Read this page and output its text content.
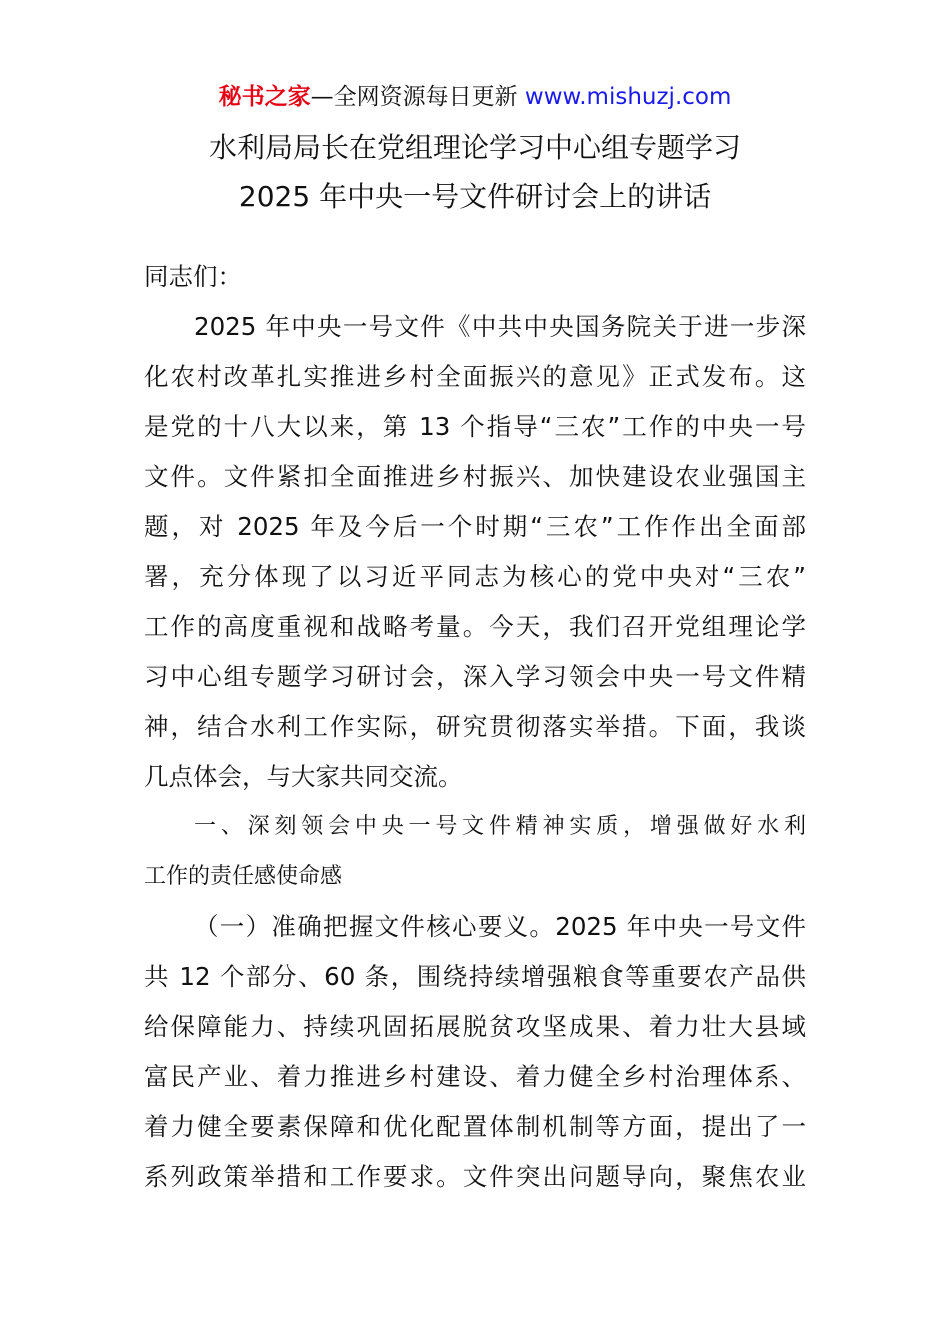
秘书之家—全网资源每日更新 www.mishuzj.com
水利局局长在党组理论学习中心组专题学习
2025 年中央一号文件研讨会上的讲话
同志们：
2025 年中央一号文件《中共中央国务院关于进一步深
化农村改革扎实推进乡村全面振兴的意见》正式发布。这
是党的十八大以来，第 13 个指导“三农”工作的中央一号
文件。文件紧扣全面推进乡村振兴、加快建设农业强国主
题，对 2025 年及今后一个时期“三农”工作作出全面部
署，充分体现了以习近平同志为核心的党中央对“三农”
工作的高度重视和战略考量。今天，我们召开党组理论学
习中心组专题学习研讨会，深入学习领会中央一号文件精
神，结合水利工作实际，研究贯彻落实举措。下面，我谈
几点体会，与大家共同交流。
一、深刻领会中央一号文件精神实质，增强做好水利
工作的责任感使命感
（一）准确把握文件核心要义。2025 年中央一号文件
共 12 个部分、60 条，围绕持续增强粮食等重要农产品供
给保障能力、持续巩固拓展脱贫攻坚成果、着力壮大县域
富民产业、着力推进乡村建设、着力健全乡村治理体系、
着力健全要素保障和优化配置体制机制等方面，提出了一
系列政策举措和工作要求。文件突出问题导向，聚焦农业
